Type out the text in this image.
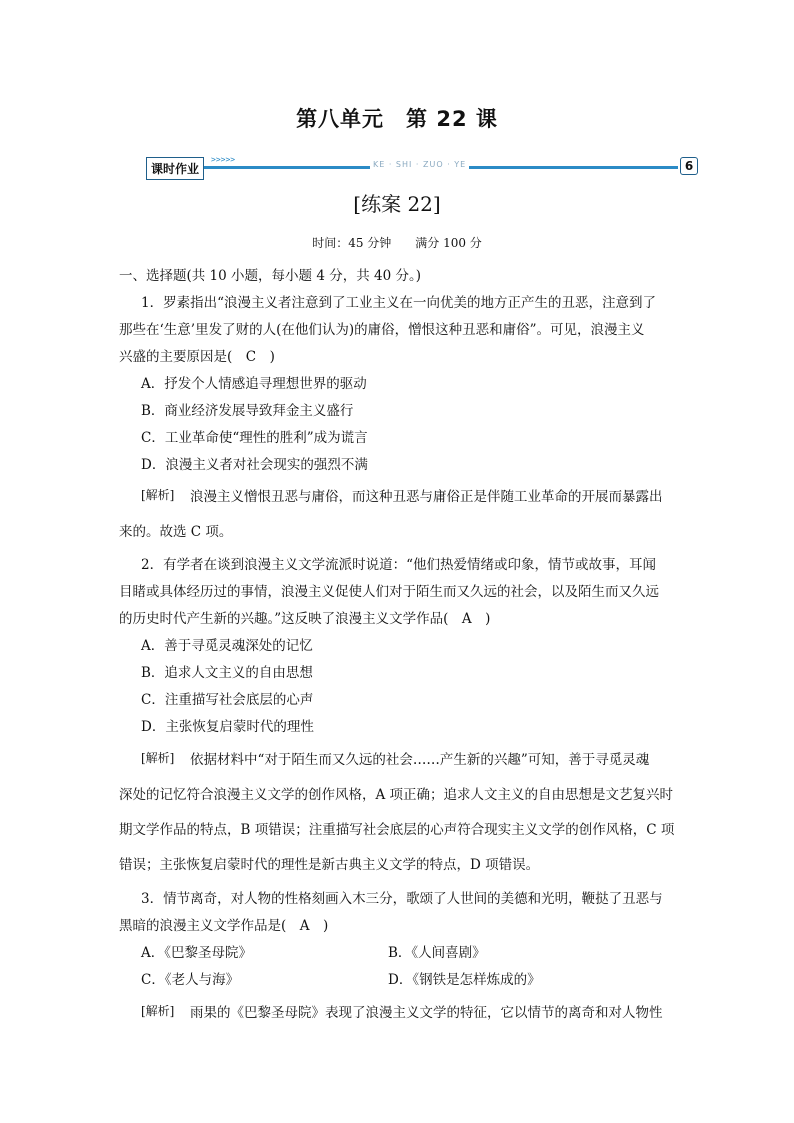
第八单元　第 22 课
课时作业
>>>>>
KE · SHI · ZUO · YE	6
[练案 22]
时间：45 分钟　　满分 100 分
一、选择题(共 10 小题，每小题 4 分，共 40 分。)
1．罗素指出“浪漫主义者注意到了工业主义在一向优美的地方正产生的丑恶，注意到了
那些在‘生意’里发了财的人(在他们认为)的庸俗，憎恨这种丑恶和庸俗”。可见，浪漫主义
兴盛的主要原因是(　C　)
A．抒发个人情感追寻理想世界的驱动
B．商业经济发展导致拜金主义盛行
C．工业革命使“理性的胜利”成为谎言
D．浪漫主义者对社会现实的强烈不满
[解析] 浪漫主义憎恨丑恶与庸俗，而这种丑恶与庸俗正是伴随工业革命的开展而暴露出
来的。故选 C 项。
2．有学者在谈到浪漫主义文学流派时说道：“他们热爱情绪或印象，情节或故事，耳闻
目睹或具体经历过的事情，浪漫主义促使人们对于陌生而又久远的社会，以及陌生而又久远
的历史时代产生新的兴趣。”这反映了浪漫主义文学作品(　A　)
A．善于寻觅灵魂深处的记忆
B．追求人文主义的自由思想
C．注重描写社会底层的心声
D．主张恢复启蒙时代的理性
[解析] 依据材料中“对于陌生而又久远的社会……产生新的兴趣”可知，善于寻觅灵魂
深处的记忆符合浪漫主义文学的创作风格，A 项正确；追求人文主义的自由思想是文艺复兴时
期文学作品的特点，B 项错误；注重描写社会底层的心声符合现实主义文学的创作风格，C 项
错误；主张恢复启蒙时代的理性是新古典主义文学的特点，D 项错误。
3．情节离奇，对人物的性格刻画入木三分，歌颂了人世间的美德和光明，鞭挞了丑恶与
黑暗的浪漫主义文学作品是(　A　)
A．《巴黎圣母院》	B．《人间喜剧》
C．《老人与海》	D．《钢铁是怎样炼成的》
[解析] 雨果的《巴黎圣母院》表现了浪漫主义文学的特征，它以情节的离奇和对人物性
